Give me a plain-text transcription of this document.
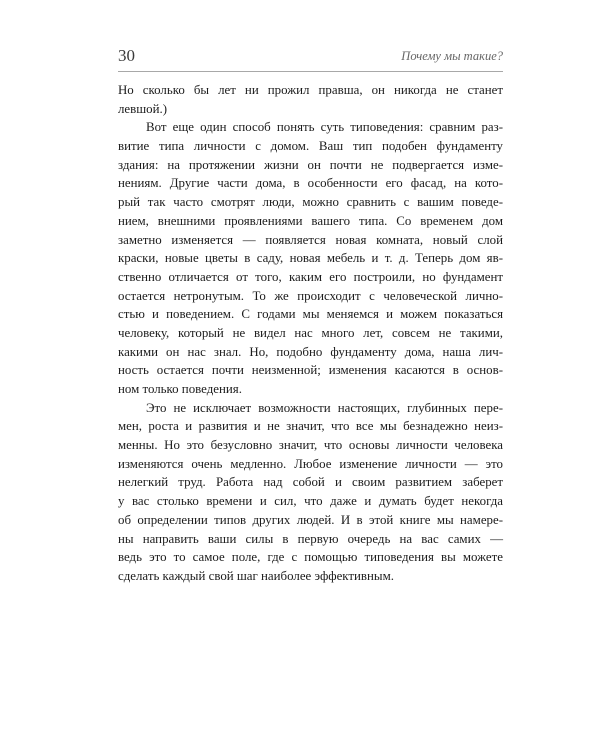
30	Почему мы такие?
Но сколько бы лет ни прожил правша, он никогда не станет
левшой.)
Вот еще один способ понять суть типоведения: сравним раз-
витие типа личности с домом. Ваш тип подобен фундаменту
здания: на протяжении жизни он почти не подвергается изме-
нениям. Другие части дома, в особенности его фасад, на кото-
рый так часто смотрят люди, можно сравнить с вашим поведе-
нием, внешними проявлениями вашего типа. Со временем дом
заметно изменяется — появляется новая комната, новый слой
краски, новые цветы в саду, новая мебель и т. д. Теперь дом яв-
ственно отличается от того, каким его построили, но фундамент
остается нетронутым. То же происходит с человеческой лично-
стью и поведением. С годами мы меняемся и можем показаться
человеку, который не видел нас много лет, совсем не такими,
какими он нас знал. Но, подобно фундаменту дома, наша лич-
ность остается почти неизменной; изменения касаются в основ-
ном только поведения.
Это не исключает возможности настоящих, глубинных пере-
мен, роста и развития и не значит, что все мы безнадежно неиз-
менны. Но это безусловно значит, что основы личности человека
изменяются очень медленно. Любое изменение личности — это
нелегкий труд. Работа над собой и своим развитием заберет
у вас столько времени и сил, что даже и думать будет некогда
об определении типов других людей. И в этой книге мы намере-
ны направить ваши силы в первую очередь на вас самих —
ведь это то самое поле, где с помощью типоведения вы можете
сделать каждый свой шаг наиболее эффективным.
